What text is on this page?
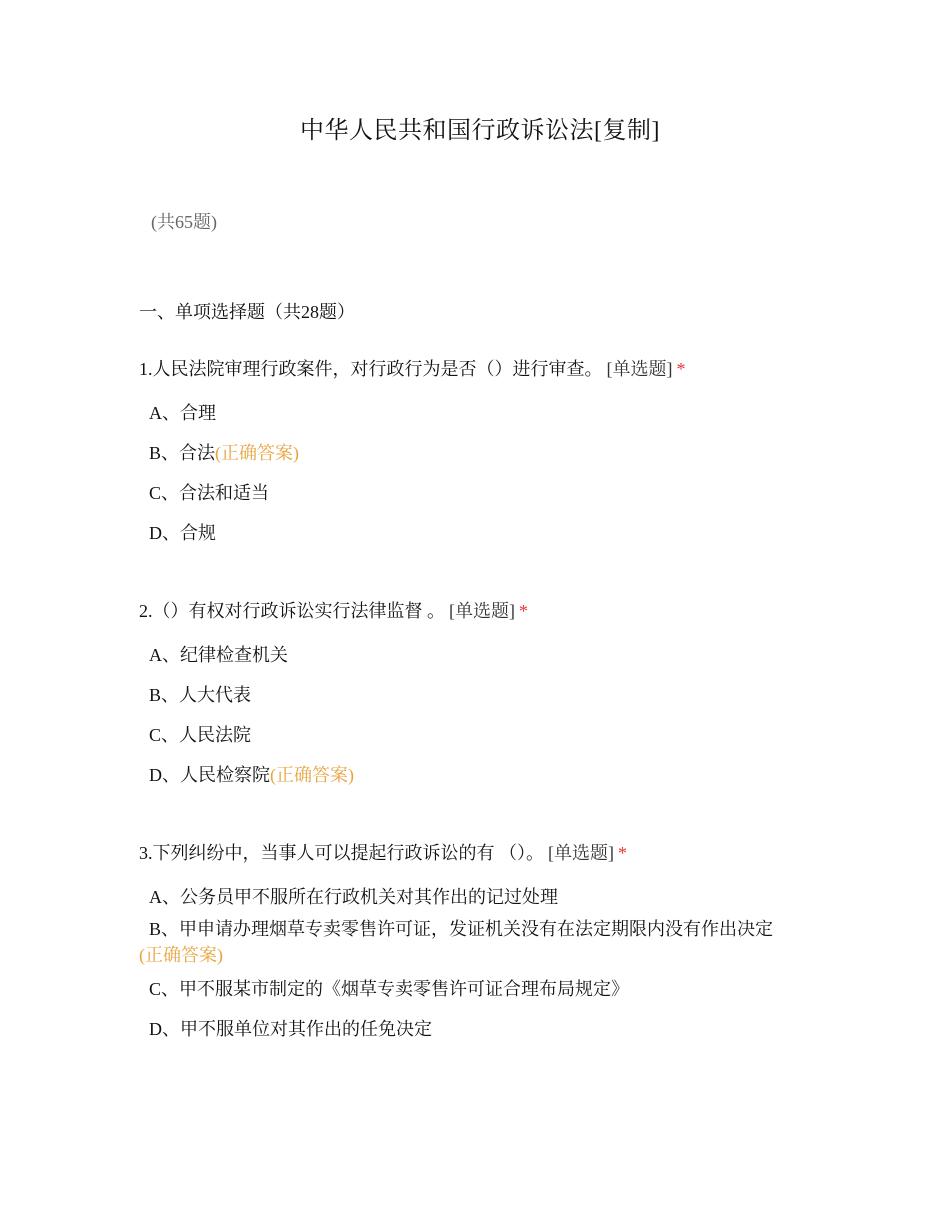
中华人民共和国行政诉讼法[复制]
(共65题)
一、单项选择题（共28题）
1.人民法院审理行政案件，对行政行为是否（）进行审查。 [单选题] *
A、合理
B、合法(正确答案)
C、合法和适当
D、合规
2.（）有权对行政诉讼实行法律监督 。 [单选题] *
A、纪律检查机关
B、人大代表
C、人民法院
D、人民检察院(正确答案)
3.下列纠纷中，当事人可以提起行政诉讼的有 （）。 [单选题] *
A、公务员甲不服所在行政机关对其作出的记过处理
B、甲申请办理烟草专卖零售许可证，发证机关没有在法定期限内没有作出决定
(正确答案)
C、甲不服某市制定的《烟草专卖零售许可证合理布局规定》
D、甲不服单位对其作出的任免决定
